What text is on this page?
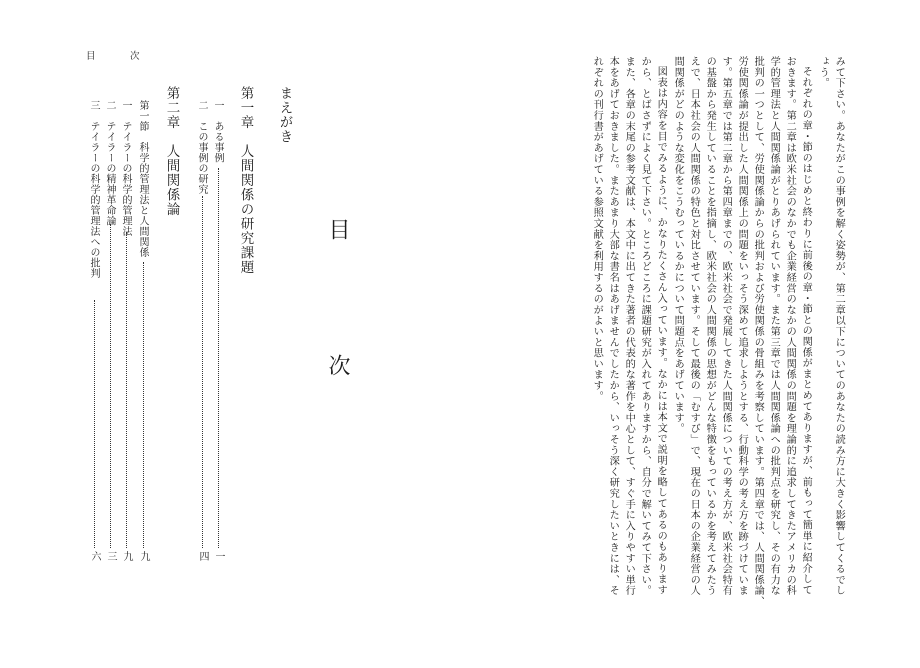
目	次
目　次
まえがき
第一章　人間関係の研究課題
一　ある事例
一
二　この事例の研究
四
第二章　人間関係論
第一節　科学的管理法と人間関係
九
一　テイラーの科学的管理法
九
二　テイラーの精神革命論
三
三　テイラーの科学的管理法への批判
六	みて下さい。あなたがこの事例を解く姿勢が、第二章以下についてのあなたの読み方に大きく影響してくるでし
ょう。
それぞれの章・節のはじめと終わりに前後の章・節との関係がまとめてありますが、前もって簡単に紹介して
おきます。第二章は欧米社会のなかでも企業経営のなかの人間関係の問題を理論的に追求してきたアメリカの科
学的管理法と人間関係論がとりあげられています。また第三章では人間関係論への批判点を研究し、その有力な
批判の一つとして、労使関係論からの批判および労使関係の骨組みを考察しています。第四章では、人間関係論、
労使関係論が提出した人間関係上の問題をいっそう深めて追求しようとする、行動科学の考え方を跡づけていま
す。第五章では第二章から第四章までの、欧米社会で発展してきた人間関係についての考え方が、欧米社会特有
の基盤から発生していることを指摘し、欧米社会の人間関係の思想がどんな特徴をもっているかを考えてみたう
えで、日本社会の人間関係の特色と対比させています。そして最後の「むすび」で、現在の日本の企業経営の人
間関係がどのような変化をこうむっているかについて問題点をあげています。
図表は内容を目でみるように、かなりたくさん入っています。なかには本文で説明を略してあるのもあります
から、とばさずによく見て下さい。ところどころに課題研究が入れてありますから、自分で解いてみて下さい。
また、各章の末尾の参考文献は、本文中に出てきた著者の代表的な著作を中心として、すぐ手に入りやすい単行
本をあげておきました。またあまり大部な書名はあげませんでしたから、いっそう深く研究したいときには、そ
れぞれの刊行書があげている参照文献を利用するのがよいと思います。
